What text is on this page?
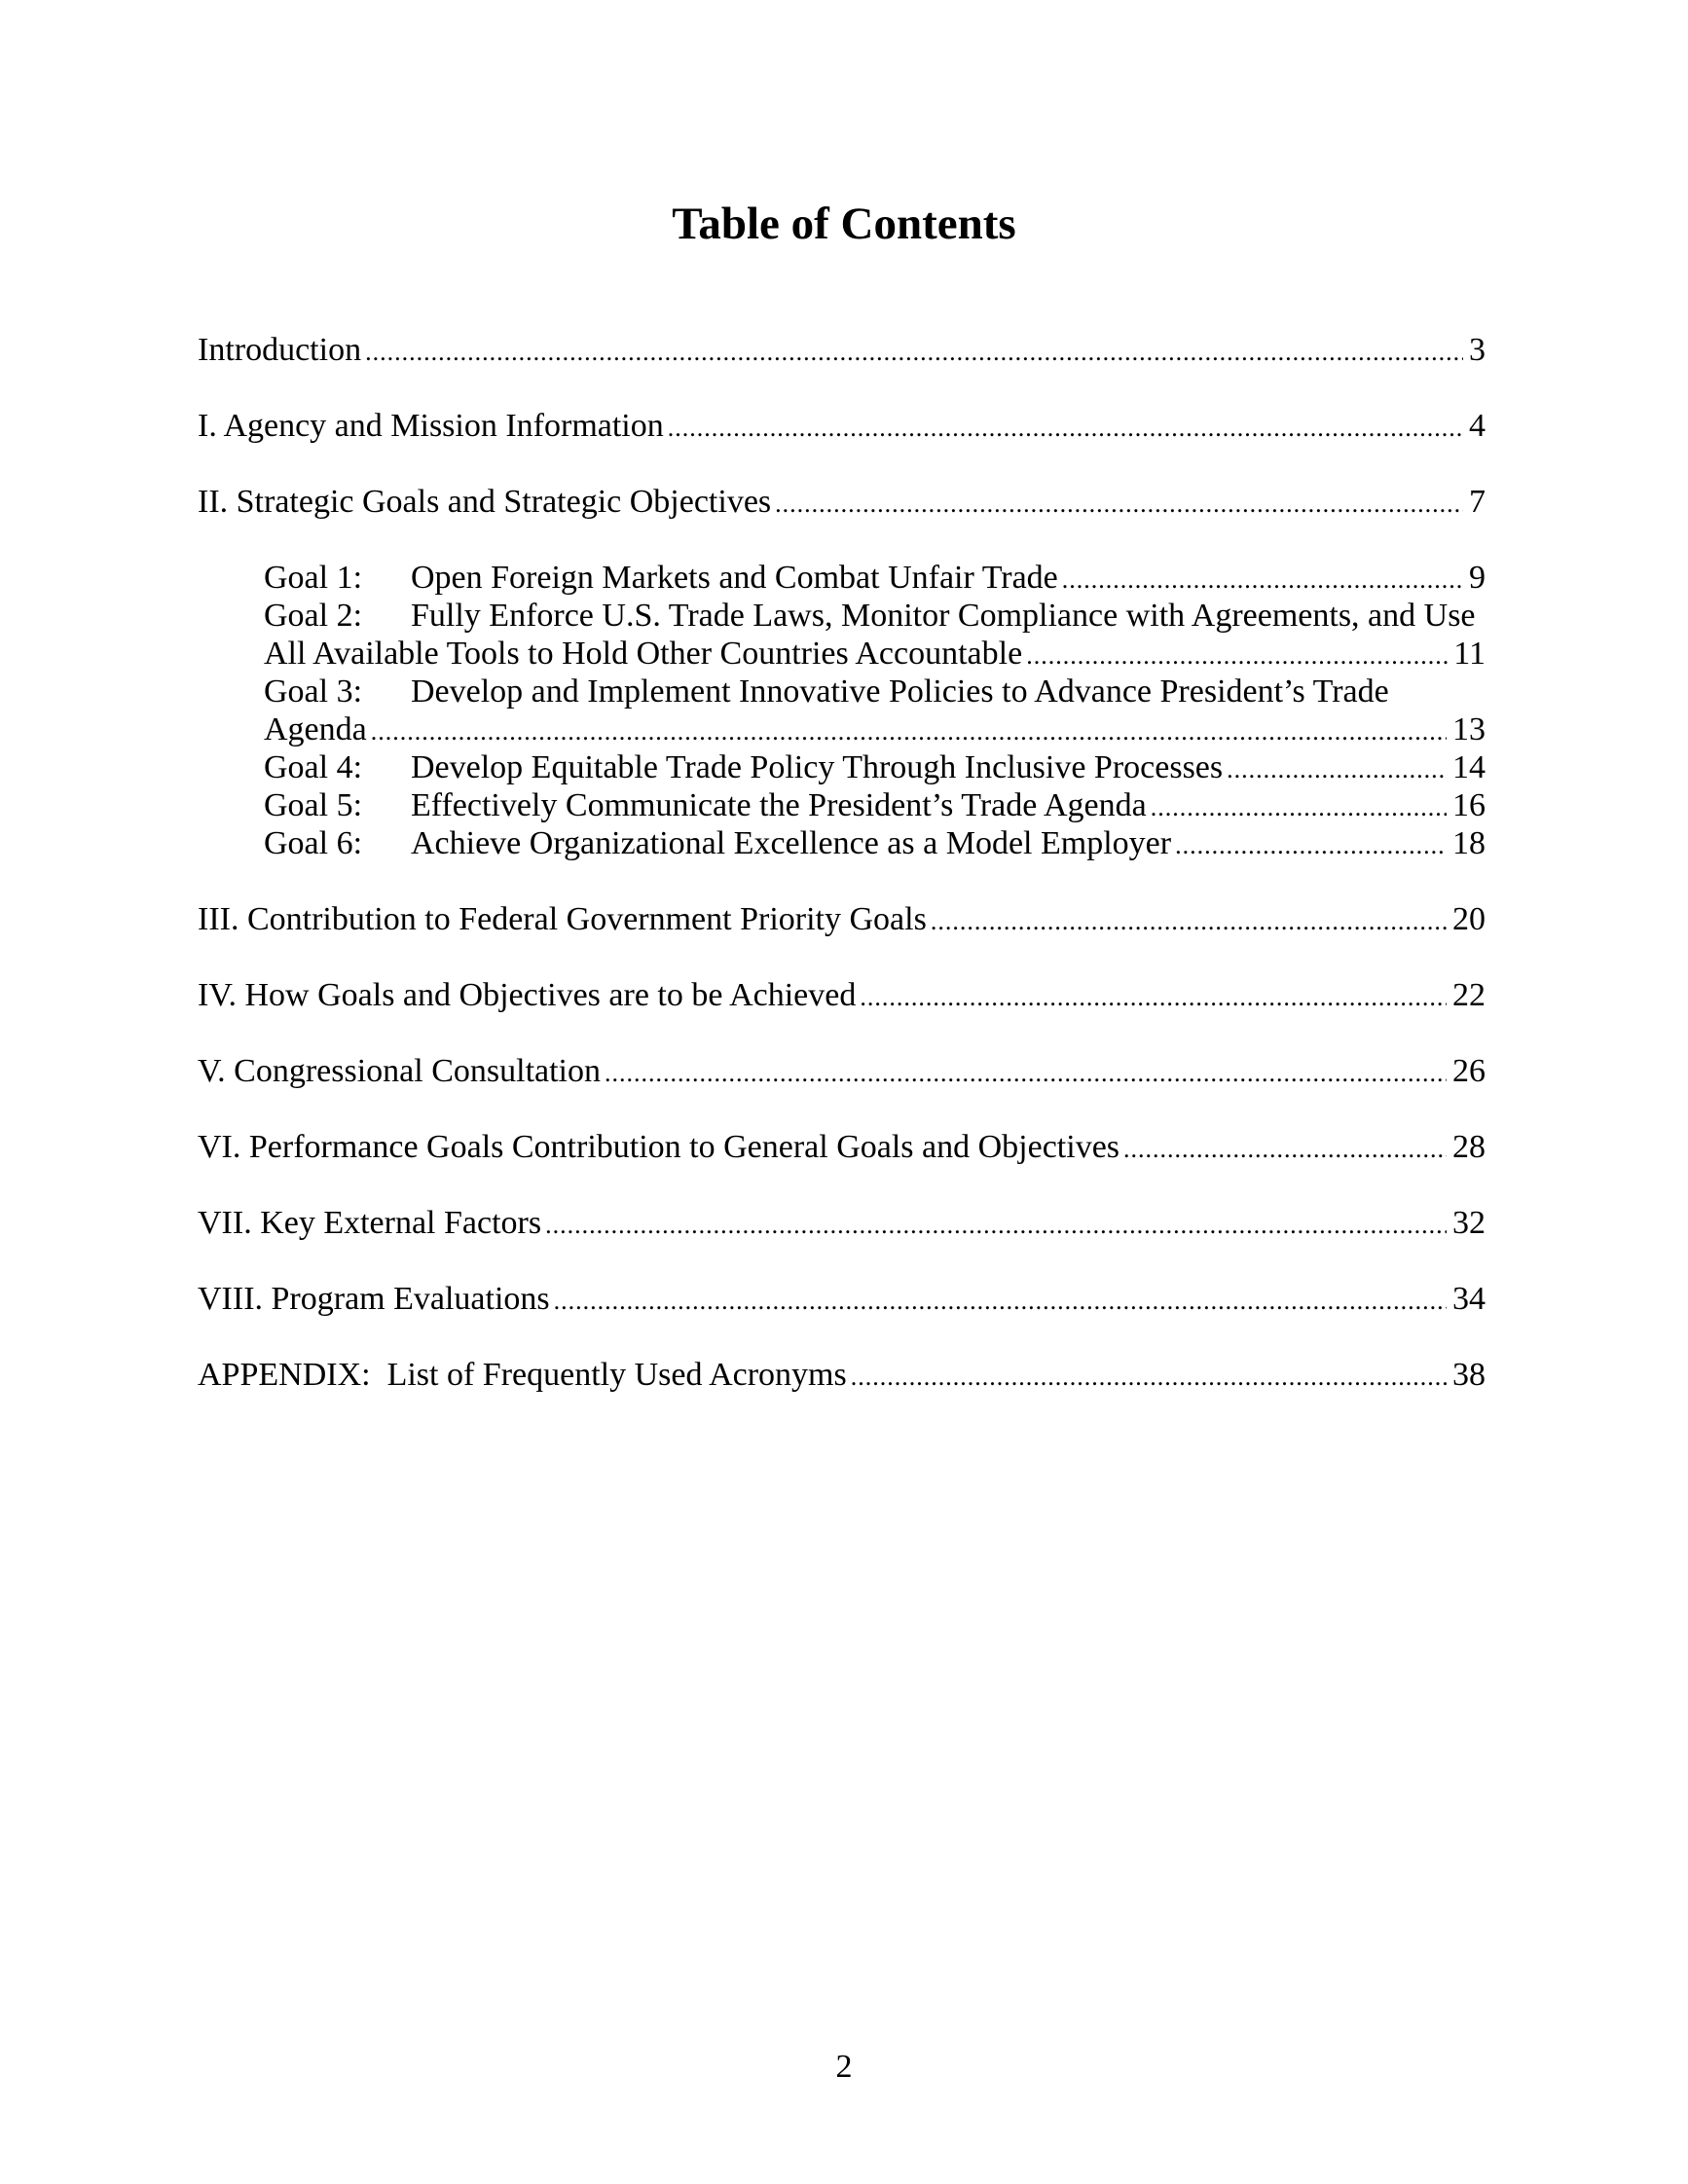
Table of Contents
Introduction .....	3
I. Agency and Mission Information .....	4
II. Strategic Goals and Strategic Objectives .....	7
Goal 1:	Open Foreign Markets and Combat Unfair Trade .....	9
Goal 2:	Fully Enforce U.S. Trade Laws, Monitor Compliance with Agreements, and Use
All Available Tools to Hold Other Countries Accountable .....	11
Goal 3:	Develop and Implement Innovative Policies to Advance President’s Trade
Agenda .....	13
Goal 4:	Develop Equitable Trade Policy Through Inclusive Processes .....	14
Goal 5:	Effectively Communicate the President’s Trade Agenda .....	16
Goal 6:	Achieve Organizational Excellence as a Model Employer .....	18
III. Contribution to Federal Government Priority Goals .....	20
IV. How Goals and Objectives are to be Achieved .....	22
V. Congressional Consultation .....	26
VI. Performance Goals Contribution to General Goals and Objectives .....	28
VII. Key External Factors .....	32
VIII. Program Evaluations .....	34
APPENDIX:  List of Frequently Used Acronyms .....	38
2
